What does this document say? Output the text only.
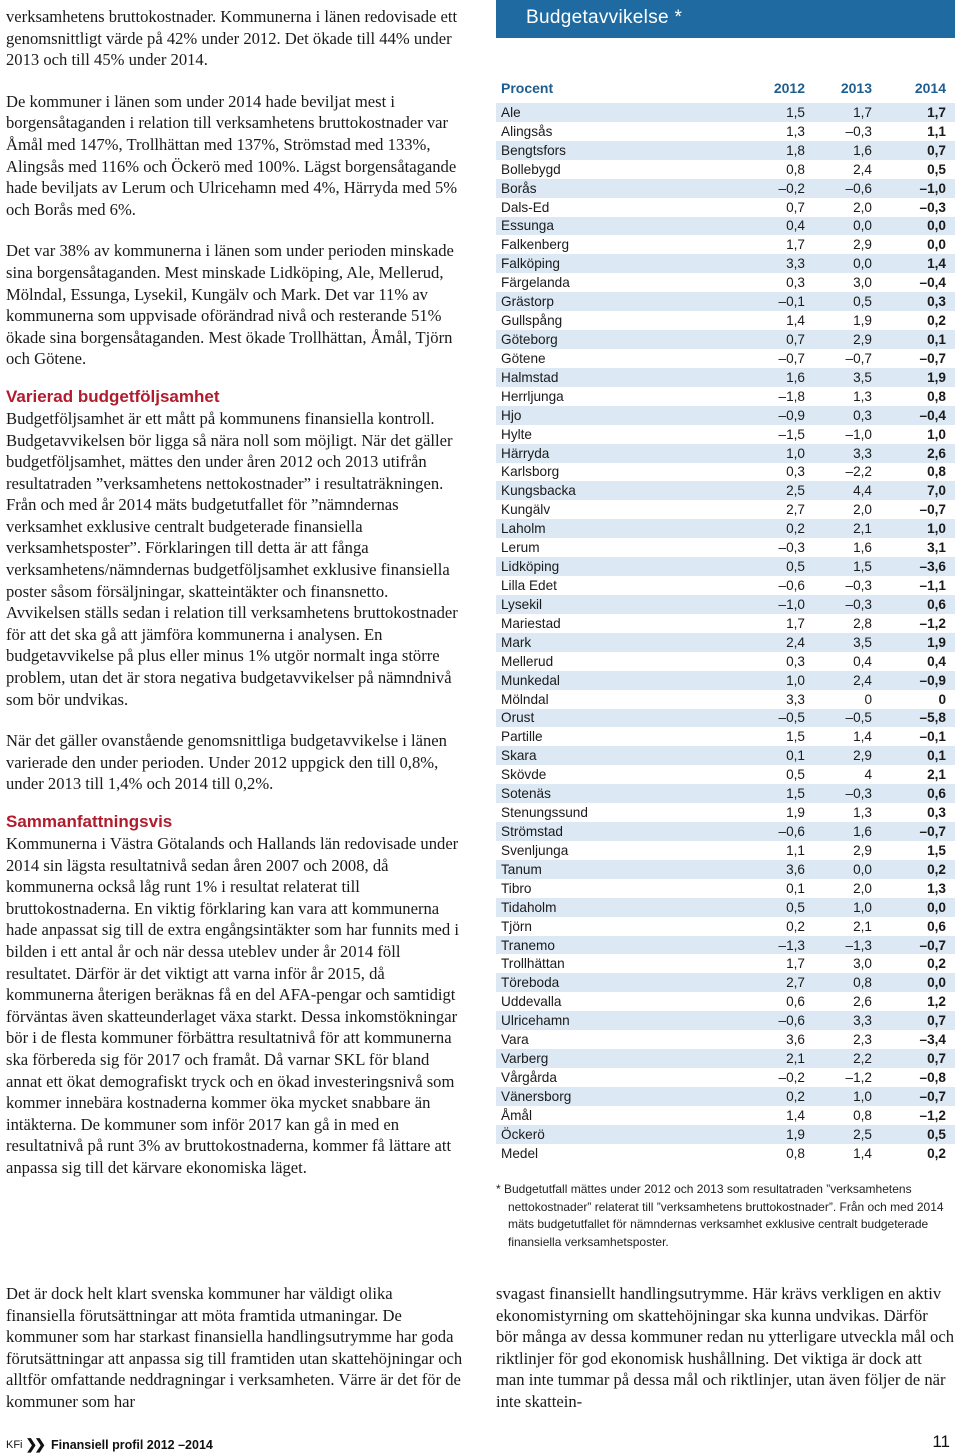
verksamhetens bruttokostnader. Kommunerna i länen redovisade ett genomsnittligt värde på 42% under 2012. Det ökade till 44% under 2013 och till 45% under 2014.

De kommuner i länen som under 2014 hade beviljat mest i borgensåtaganden i relation till verksamhetens bruttokostnader var Åmål med 147%, Trollhättan med 137%, Strömstad med 133%, Alingsås med 116% och Öckerö med 100%. Lägst borgensåtagande hade beviljats av Lerum och Ulricehamn med 4%, Härryda med 5% och Borås med 6%.

Det var 38% av kommunerna i länen som under perioden minskade sina borgensåtaganden. Mest minskade Lidköping, Ale, Mellerud, Mölndal, Essunga, Lysekil, Kungälv och Mark. Det var 11% av kommunerna som uppvisade oförändrad nivå och resterande 51% ökade sina borgensåtaganden. Mest ökade Trollhättan, Åmål, Tjörn och Götene.

Varierad budgetföljsamhet

Budgetföljsamhet är ett mått på kommunens finansiella kontroll. Budgetavvikelsen bör ligga så nära noll som möjligt. När det gäller budgetföljsamhet, mättes den under åren 2012 och 2013 utifrån resultatraden ”verksamhetens nettokostnader” i resultaträkningen. Från och med år 2014 mäts budgetutfallet för ”nämndernas verksamhet exklusive centralt budgeterade finansiella verksamhetsposter”. Förklaringen till detta är att fånga verksamhetens/nämndernas budgetföljsamhet exklusive finansiella poster såsom försäljningar, skatteintäkter och finansnetto. Avvikelsen ställs sedan i relation till verksamhetens bruttokostnader för att det ska gå att jämföra kommunerna i analysen. En budgetavvikelse på plus eller minus 1% utgör normalt inga större problem, utan det är stora negativa budgetavvikelser på nämndnivå som bör undvikas.

När det gäller ovanstående genomsnittliga budgetavvikelse i länen varierade den under perioden. Under 2012 uppgick den till 0,8%, under 2013 till 1,4% och 2014 till 0,2%.

Sammanfattningsvis

Kommunerna i Västra Götalands och Hallands län redovisade under 2014 sin lägsta resultatnivå sedan åren 2007 och 2008, då kommunerna också låg runt 1% i resultat relaterat till bruttokostnaderna. En viktig förklaring kan vara att kommunerna hade anpassat sig till de extra engångsintäkter som har funnits med i bilden i ett antal år och när dessa uteblev under år 2014 föll resultatet. Därför är det viktigt att varna inför år 2015, då kommunerna återigen beräknas få en del AFA-pengar och samtidigt förväntas även skatteunderlaget växa starkt. Dessa inkomstökningar bör i de flesta kommuner förbättra resultatnivå för att kommunerna ska förbereda sig för 2017 och framåt. Då varnar SKL för bland annat ett ökat demografiskt tryck och en ökad investeringsnivå som kommer innebära kostnaderna kommer öka mycket snabbare än intäkterna. De kommuner som inför 2017 kan gå in med en resultatnivå på runt 3% av bruttokostnaderna, kommer få lättare att anpassa sig till det kärvare ekonomiska läget.

Budgetavvikelse *
Procent	2012	2013	2014
Ale	1,5	1,7	1,7
Alingsås	1,3	–0,3	1,1
Bengtsfors	1,8	1,6	0,7
Bollebygd	0,8	2,4	0,5
Borås	–0,2	–0,6	–1,0
Dals-Ed	0,7	2,0	–0,3
Essunga	0,4	0,0	0,0
Falkenberg	1,7	2,9	0,0
Falköping	3,3	0,0	1,4
Färgelanda	0,3	3,0	–0,4
Grästorp	–0,1	0,5	0,3
Gullspång	1,4	1,9	0,2
Göteborg	0,7	2,9	0,1
Götene	–0,7	–0,7	–0,7
Halmstad	1,6	3,5	1,9
Herrljunga	–1,8	1,3	0,8
Hjo	–0,9	0,3	–0,4
Hylte	–1,5	–1,0	1,0
Härryda	1,0	3,3	2,6
Karlsborg	0,3	–2,2	0,8
Kungsbacka	2,5	4,4	7,0
Kungälv	2,7	2,0	–0,7
Laholm	0,2	2,1	1,0
Lerum	–0,3	1,6	3,1
Lidköping	0,5	1,5	–3,6
Lilla Edet	–0,6	–0,3	–1,1
Lysekil	–1,0	–0,3	0,6
Mariestad	1,7	2,8	–1,2
Mark	2,4	3,5	1,9
Mellerud	0,3	0,4	0,4
Munkedal	1,0	2,4	–0,9
Mölndal	3,3	0	0
Orust	–0,5	–0,5	–5,8
Partille	1,5	1,4	–0,1
Skara	0,1	2,9	0,1
Skövde	0,5	4	2,1
Sotenäs	1,5	–0,3	0,6
Stenungssund	1,9	1,3	0,3
Strömstad	–0,6	1,6	–0,7
Svenljunga	1,1	2,9	1,5
Tanum	3,6	0,0	0,2
Tibro	0,1	2,0	1,3
Tidaholm	0,5	1,0	0,0
Tjörn	0,2	2,1	0,6
Tranemo	–1,3	–1,3	–0,7
Trollhättan	1,7	3,0	0,2
Töreboda	2,7	0,8	0,0
Uddevalla	0,6	2,6	1,2
Ulricehamn	–0,6	3,3	0,7
Vara	3,6	2,3	–3,4
Varberg	2,1	2,2	0,7
Vårgårda	–0,2	–1,2	–0,8
Vänersborg	0,2	1,0	–0,7
Åmål	1,4	0,8	–1,2
Öckerö	1,9	2,5	0,5
Medel	0,8	1,4	0,2
* Budgetutfall mättes under 2012 och 2013 som resultatraden ”verksamhetens nettokostnader” relaterat till ”verksamhetens bruttokostnader”. Från och med 2014 mäts budgetutfallet för nämndernas verksamhet exklusive centralt budgeterade finansiella verksamhetsposter.

Det är dock helt klart svenska kommuner har väldigt olika finansiella förutsättningar att möta framtida utmaningar. De kommuner som har starkast finansiella handlingsutrymme har goda förutsättningar att anpassa sig till framtiden utan skattehöjningar och alltför omfattande neddragningar i verksamheten. Värre är det för de kommuner som har

svagast finansiellt handlingsutrymme. Här krävs verkligen en aktiv ekonomistyrning om skattehöjningar ska kunna undvikas. Därför bör många av dessa kommuner redan nu ytterligare utveckla mål och riktlinjer för god ekonomisk hushållning. Det viktiga är dock att man inte tummar på dessa mål och riktlinjer, utan även följer de när inte skattein-

KFi ❯❯ Finansiell profil 2012 –2014	11
